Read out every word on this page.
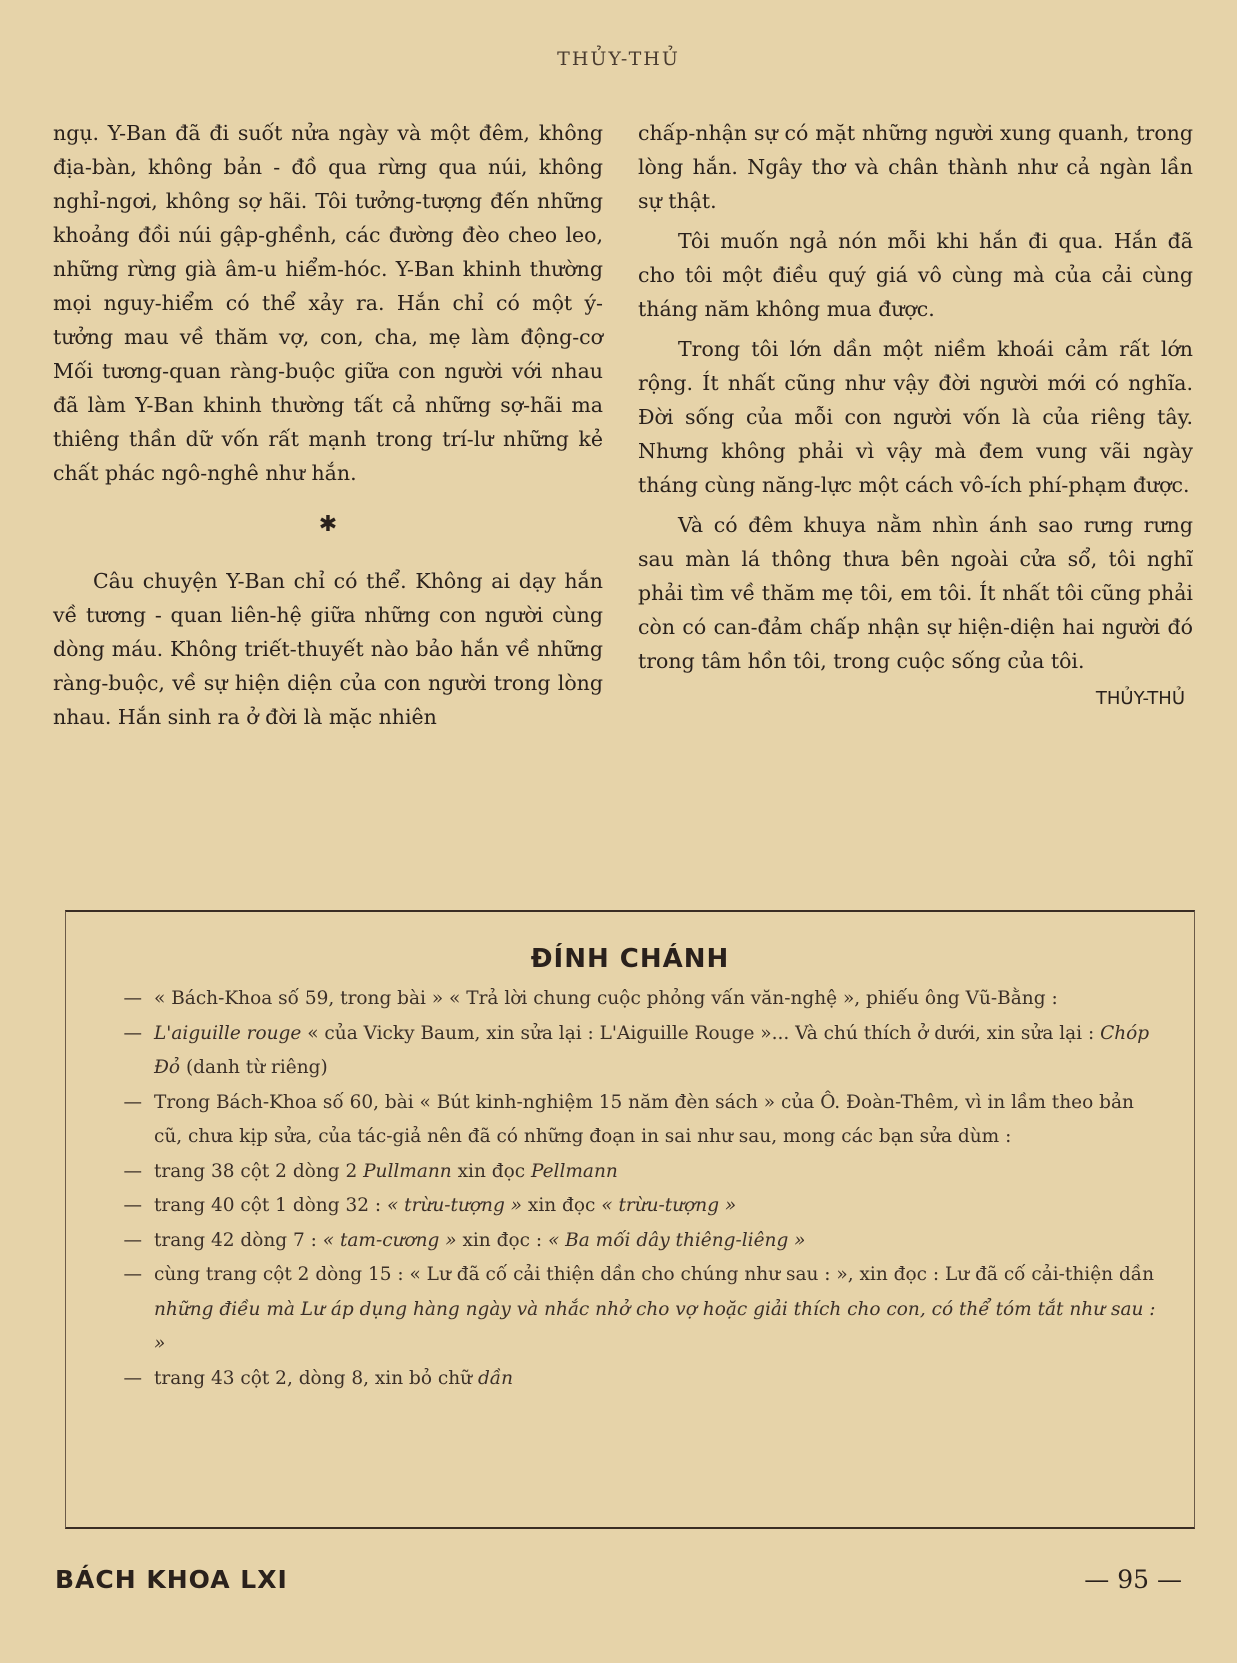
THỦY-THỦ

ngụ. Y-Ban đã đi suốt nửa ngày và một đêm, không địa-bàn, không bản - đồ qua rừng qua núi, không nghỉ-ngơi, không sợ hãi. Tôi tưởng-tượng đến những khoảng đồi núi gập-ghềnh, các đường đèo cheo leo, những rừng già âm-u hiểm-hóc. Y-Ban khinh thường mọi nguy-hiểm có thể xảy ra. Hắn chỉ có một ý-tưởng mau về thăm vợ, con, cha, mẹ làm động-cơ Mối tương-quan ràng-buộc giữa con người với nhau đã làm Y-Ban khinh thường tất cả những sợ-hãi ma thiêng thần dữ vốn rất mạnh trong trí-lư những kẻ chất phác ngô-nghê như hắn.

✱

Câu chuyện Y-Ban chỉ có thể. Không ai dạy hắn về tương - quan liên-hệ giữa những con người cùng dòng máu. Không triết-thuyết nào bảo hắn về những ràng-buộc, về sự hiện diện của con người trong lòng nhau. Hắn sinh ra ở đời là mặc nhiên

chấp-nhận sự có mặt những người xung quanh, trong lòng hắn. Ngây thơ và chân thành như cả ngàn lần sự thật.

Tôi muốn ngả nón mỗi khi hắn đi qua. Hắn đã cho tôi một điều quý giá vô cùng mà của cải cùng tháng năm không mua được.

Trong tôi lớn dần một niềm khoái cảm rất lớn rộng. Ít nhất cũng như vậy đời người mới có nghĩa. Đời sống của mỗi con người vốn là của riêng tây. Nhưng không phải vì vậy mà đem vung vãi ngày tháng cùng năng-lực một cách vô-ích phí-phạm được.

Và có đêm khuya nằm nhìn ánh sao rưng rưng sau màn lá thông thưa bên ngoài cửa sổ, tôi nghĩ phải tìm về thăm mẹ tôi, em tôi. Ít nhất tôi cũng phải còn có can-đảm chấp nhận sự hiện-diện hai người đó trong tâm hồn tôi, trong cuộc sống của tôi.

THỦY-THỦ
ĐÍNH CHÁNH
— « Bách-Khoa số 59, trong bài » « Trả lời chung cuộc phỏng vấn văn-nghệ », phiếu ông Vũ-Bằng :
— L'aiguille rouge « của Vicky Baum, xin sửa lại : L'Aiguille Rouge »... Và chú thích ở dưới, xin sửa lại : Chóp Đỏ (danh từ riêng)
— Trong Bách-Khoa số 60, bài « Bút kinh-nghiệm 15 năm đèn sách » của Ô. Đoàn-Thêm, vì in lầm theo bản cũ, chưa kịp sửa, của tác-giả nên đã có những đoạn in sai như sau, mong các bạn sửa dùm :
— trang 38 cột 2 dòng 2 Pullmann xin đọc Pellmann
— trang 40 cột 1 dòng 32 : « trừu-tượng » xin đọc « trừu-tượng »
— trang 42 dòng 7 : « tam-cương » xin đọc : « Ba mối dây thiêng-liêng »
— cùng trang cột 2 dòng 15 : « Lư đã cố cải thiện dần cho chúng như sau : », xin đọc : Lư đã cố cải-thiện dần những điều mà Lư áp dụng hàng ngày và nhắc nhở cho vợ hoặc giải thích cho con, có thể tóm tắt như sau : »
— trang 43 cột 2, dòng 8, xin bỏ chữ dần
BÁCH KHOA LXI	— 95 —
